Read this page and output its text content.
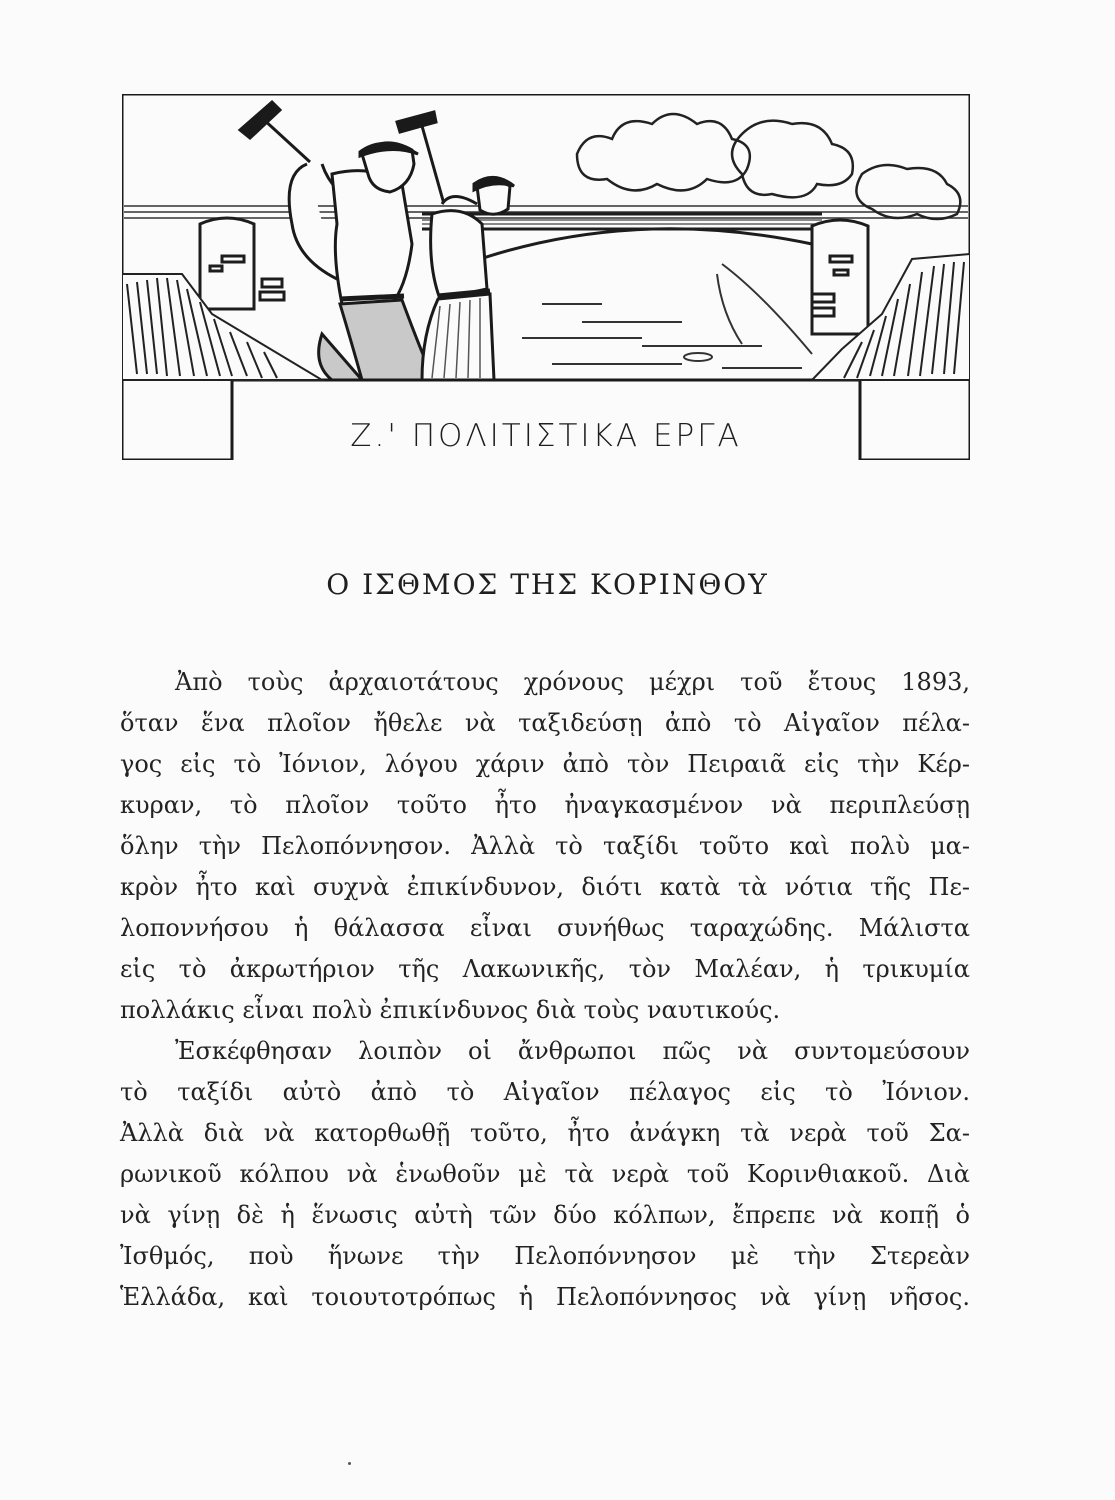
Ζ.' ΠΟΛΙΤΙΣΤΙΚΑ ΕΡΓΑ
Ο ΙΣΘΜΟΣ ΤΗΣ ΚΟΡΙΝΘΟΥ
Ἀπὸ τοὺς ἀρχαιοτάτους χρόνους μέχρι τοῦ ἔτους 1893,
ὅταν ἕνα πλοῖον ἤθελε νὰ ταξιδεύσῃ ἀπὸ τὸ Αἰγαῖον πέλα-
γος εἰς τὸ Ἰόνιον, λόγου χάριν ἀπὸ τὸν Πειραιᾶ εἰς τὴν Κέρ-
κυραν, τὸ πλοῖον τοῦτο ἦτο ἠναγκασμένον νὰ περιπλεύσῃ
ὅλην τὴν Πελοπόννησον. Ἀλλὰ τὸ ταξίδι τοῦτο καὶ πολὺ μα-
κρὸν ἦτο καὶ συχνὰ ἐπικίνδυνον, διότι κατὰ τὰ νότια τῆς Πε-
λοποννήσου ἡ θάλασσα εἶναι συνήθως ταραχώδης. Μάλιστα
εἰς τὸ ἀκρωτήριον τῆς Λακωνικῆς, τὸν Μαλέαν, ἡ τρικυμία
πολλάκις εἶναι πολὺ ἐπικίνδυνος διὰ τοὺς ναυτικούς.
Ἐσκέφθησαν λοιπὸν οἱ ἄνθρωποι πῶς νὰ συντομεύσουν
τὸ ταξίδι αὐτὸ ἀπὸ τὸ Αἰγαῖον πέλαγος εἰς τὸ Ἰόνιον.
Ἀλλὰ διὰ νὰ κατορθωθῇ τοῦτο, ἦτο ἀνάγκη τὰ νερὰ τοῦ Σα-
ρωνικοῦ κόλπου νὰ ἑνωθοῦν μὲ τὰ νερὰ τοῦ Κορινθιακοῦ. Διὰ
νὰ γίνῃ δὲ ἡ ἕνωσις αὐτὴ τῶν δύο κόλπων, ἔπρεπε νὰ κοπῇ ὁ
Ἰσθμός, ποὺ ἥνωνε τὴν Πελοπόννησον μὲ τὴν Στερεὰν
Ἑλλάδα, καὶ τοιουτοτρόπως ἡ Πελοπόννησος νὰ γίνῃ νῆσος.
